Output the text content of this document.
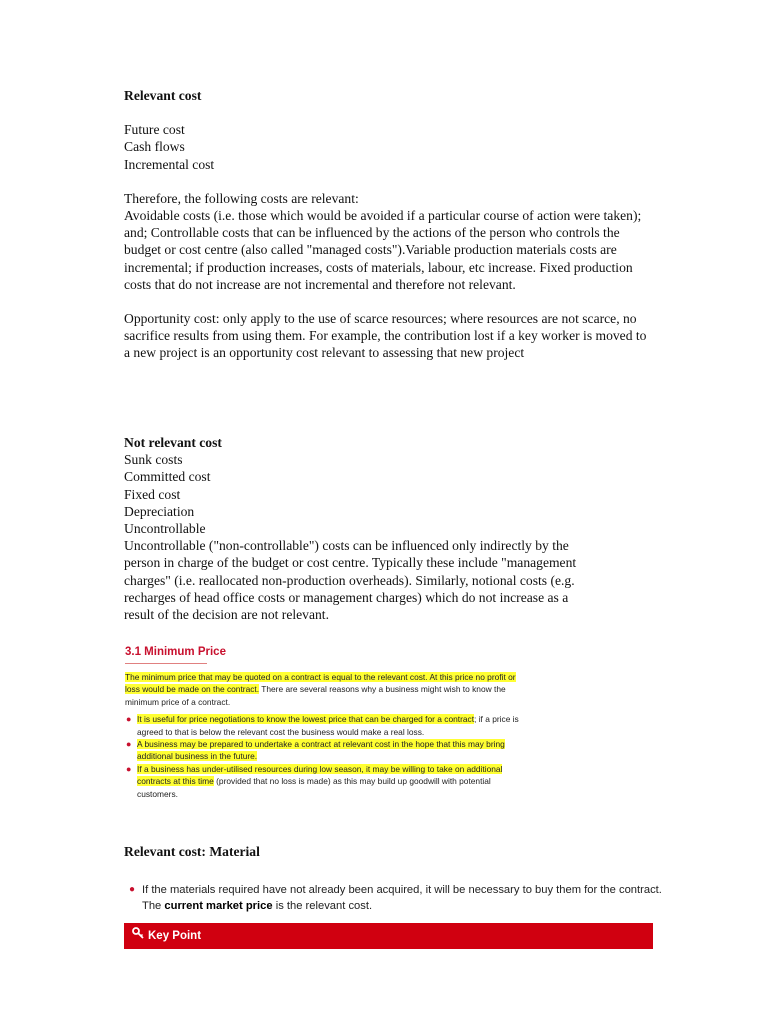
Relevant cost
Future cost
Cash flows
Incremental cost
Therefore, the following costs are relevant:
Avoidable costs (i.e. those which would be avoided if a particular course of action were taken);
and; Controllable costs that can be influenced by the actions of the person who controls the
budget or cost centre (also called "managed costs").Variable production materials costs are
incremental; if production increases, costs of materials, labour, etc increase. Fixed production
costs that do not increase are not incremental and therefore not relevant.
Opportunity cost: only apply to the use of scarce resources; where resources are not scarce, no
sacrifice results from using them. For example, the contribution lost if a key worker is moved to
a new project is an opportunity cost relevant to assessing that new project
Not relevant cost
Sunk costs
Committed cost
Fixed cost
Depreciation
Uncontrollable
Uncontrollable ("non-controllable") costs can be influenced only indirectly by the
person in charge of the budget or cost centre. Typically these include "management
charges" (i.e. reallocated non-production overheads). Similarly, notional costs (e.g.
recharges of head office costs or management charges) which do not increase as a
result of the decision are not relevant.
3.1 Minimum Price
The minimum price that may be quoted on a contract is equal to the relevant cost. At this price no profit or
loss would be made on the contract. There are several reasons why a business might wish to know the
minimum price of a contract.
● It is useful for price negotiations to know the lowest price that can be charged for a contract; if a price is
agreed to that is below the relevant cost the business would make a real loss.
● A business may be prepared to undertake a contract at relevant cost in the hope that this may bring
additional business in the future.
● If a business has under-utilised resources during low season, it may be willing to take on additional
contracts at this time (provided that no loss is made) as this may build up goodwill with potential
customers.
Relevant cost: Material
● If the materials required have not already been acquired, it will be necessary to buy them for the contract.
The current market price is the relevant cost.
Key Point
